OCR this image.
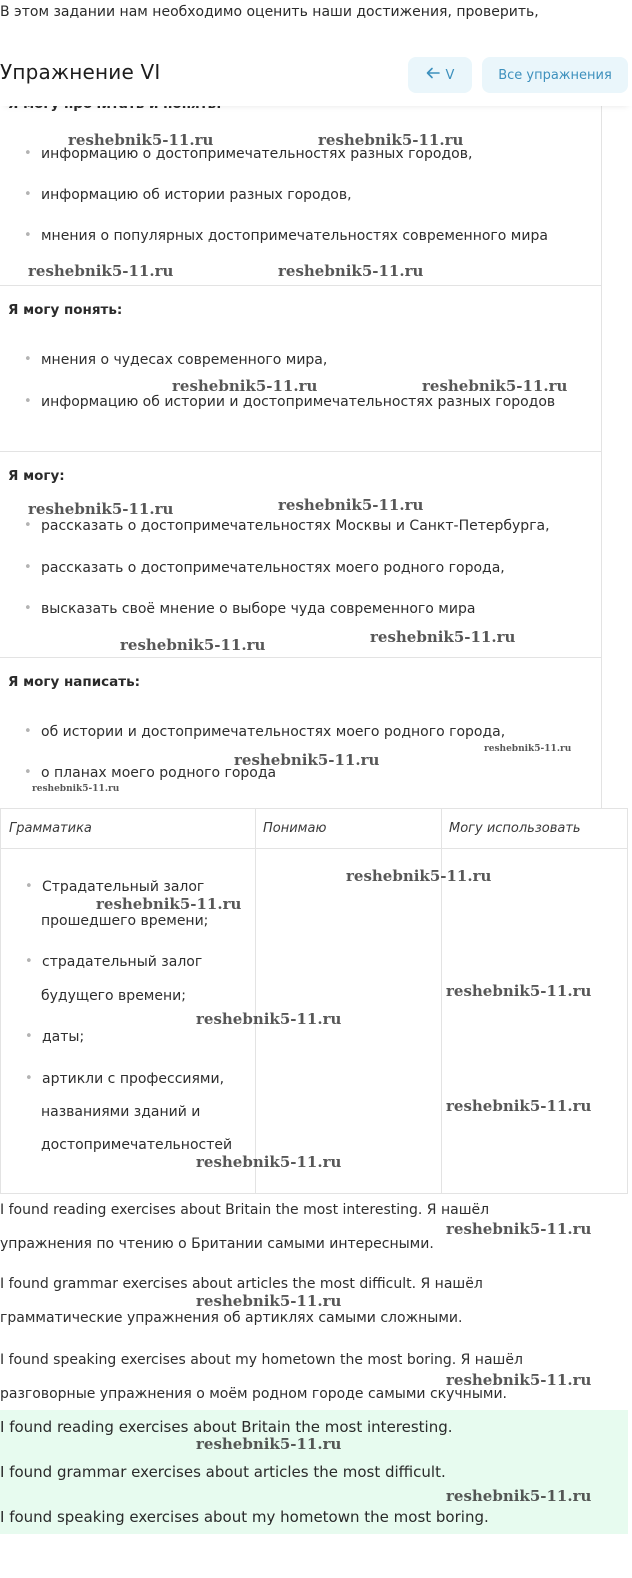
В этом задании нам необходимо оценить наши достижения, проверить,
Упражнение VI	V	Все упражнения
• информацию о достопримечательностях разных городов,
• информацию об истории разных городов,
• мнения о популярных достопримечательностях современного мира
Я могу понять:
• мнения о чудесах современного мира,
• информацию об истории и достопримечательностях разных городов
Я могу:
• рассказать о достопримечательностях Москвы и Санкт-Петербурга,
• рассказать о достопримечательностях моего родного города,
• высказать своё мнение о выборе чуда современного мира
Я могу написать:
• об истории и достопримечательностях моего родного города,
• о планах моего родного города
Грамматика	Понимаю	Могу использовать
• Страдательный залог
прошедшего времени;
• страдательный залог
будущего времени;
• даты;
• артикли с профессиями,
названиями зданий и
достопримечательностей
I found reading exercises about Britain the most interesting. Я нашёл
упражнения по чтению о Британии самыми интересными.
I found grammar exercises about articles the most difficult. Я нашёл
грамматические упражнения об артиклях самыми сложными.
I found speaking exercises about my hometown the most boring. Я нашёл
разговорные упражнения о моём родном городе самыми скучными.
I found reading exercises about Britain the most interesting.
I found grammar exercises about articles the most difficult.
I found speaking exercises about my hometown the most boring.
reshebnik5-11.ru	reshebnik5-11.ru
reshebnik5-11.ru	reshebnik5-11.ru
reshebnik5-11.ru	reshebnik5-11.ru
reshebnik5-11.ru	reshebnik5-11.ru
reshebnik5-11.ru	reshebnik5-11.ru
reshebnik5-11.ru
reshebnik5-11.ru
reshebnik5-11.ru
reshebnik5-11.ru
reshebnik5-11.ru
reshebnik5-11.ru
reshebnik5-11.ru
reshebnik5-11.ru
reshebnik5-11.ru
reshebnik5-11.ru
reshebnik5-11.ru
reshebnik5-11.ru
reshebnik5-11.ru
reshebnik5-11.ru
